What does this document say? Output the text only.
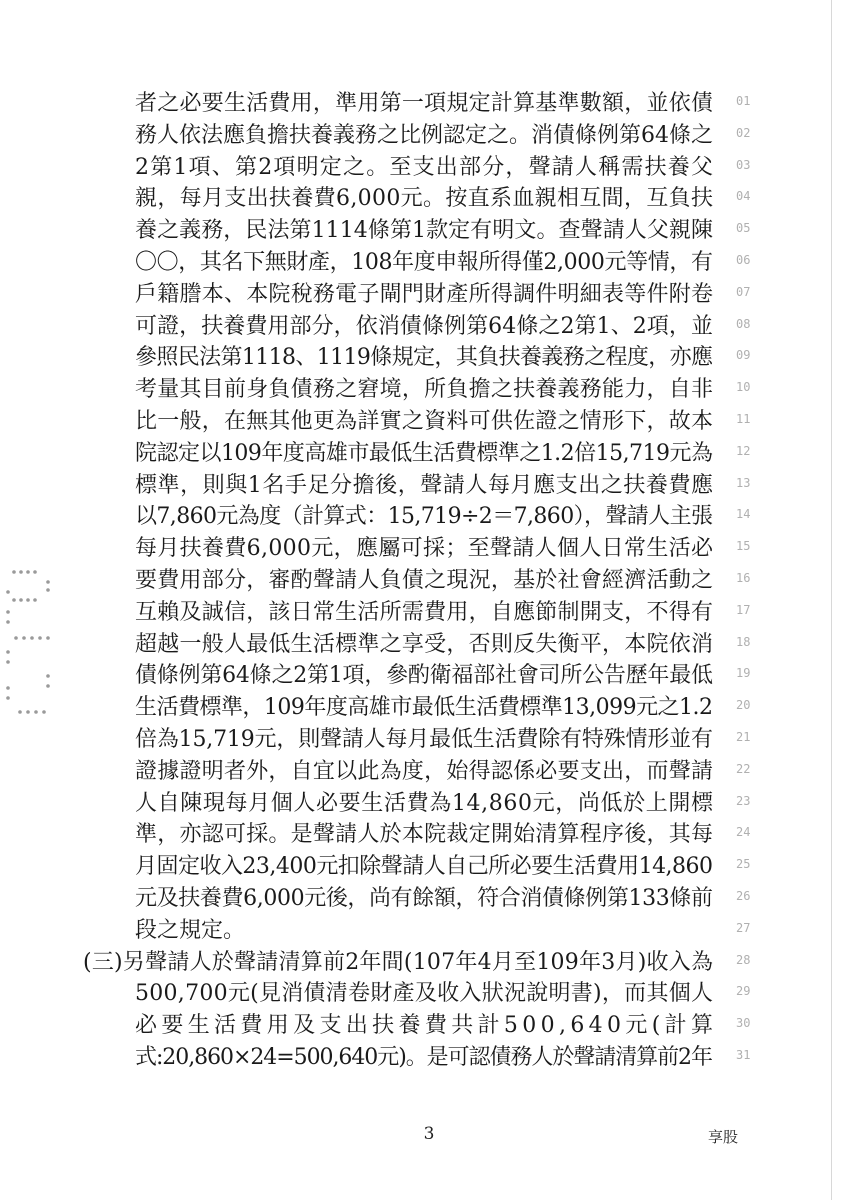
者之必要生活費用，準用第一項規定計算基準數額，並依債 01
務人依法應負擔扶養義務之比例認定之。消債條例第64條之 02
2第1項、第2項明定之。至支出部分，聲請人稱需扶養父 03
親，每月支出扶養費6,000元。按直系血親相互間，互負扶 04
養之義務，民法第1114條第1款定有明文。查聲請人父親陳 05
〇〇，其名下無財產，108年度申報所得僅2,000元等情，有 06
戶籍謄本、本院稅務電子閘門財產所得調件明細表等件附卷 07
可證，扶養費用部分，依消債條例第64條之2第1、2項，並 08
參照民法第1118、1119條規定，其負扶養義務之程度，亦應 09
考量其目前身負債務之窘境，所負擔之扶養義務能力，自非 10
比一般，在無其他更為詳實之資料可供佐證之情形下，故本 11
院認定以109年度高雄市最低生活費標準之1.2倍15,719元為 12
標準，則與1名手足分擔後，聲請人每月應支出之扶養費應 13
以7,860元為度（計算式：15,719÷2＝7,860），聲請人主張 14
每月扶養費6,000元，應屬可採；至聲請人個人日常生活必 15
要費用部分，審酌聲請人負債之現況，基於社會經濟活動之 16
互賴及誠信，該日常生活所需費用，自應節制開支，不得有 17
超越一般人最低生活標準之享受，否則反失衡平，本院依消 18
債條例第64條之2第1項，參酌衛福部社會司所公告歷年最低 19
生活費標準，109年度高雄市最低生活費標準13,099元之1.2 20
倍為15,719元，則聲請人每月最低生活費除有特殊情形並有 21
證據證明者外，自宜以此為度，始得認係必要支出，而聲請 22
人自陳現每月個人必要生活費為14,860元，尚低於上開標 23
準，亦認可採。是聲請人於本院裁定開始清算程序後，其每 24
月固定收入23,400元扣除聲請人自己所必要生活費用14,860 25
元及扶養費6,000元後，尚有餘額，符合消債條例第133條前 26
段之規定。	27
(三)另聲請人於聲請清算前2年間(107年4月至109年3月)收入為 28
500,700元(見消債清卷財產及收入狀況說明書)，而其個人 29
必要生活費用及支出扶養費共計500,640元(計算 30
式:20,860×24=500,640元)。是可認債務人於聲請清算前2年 31
3	享股
